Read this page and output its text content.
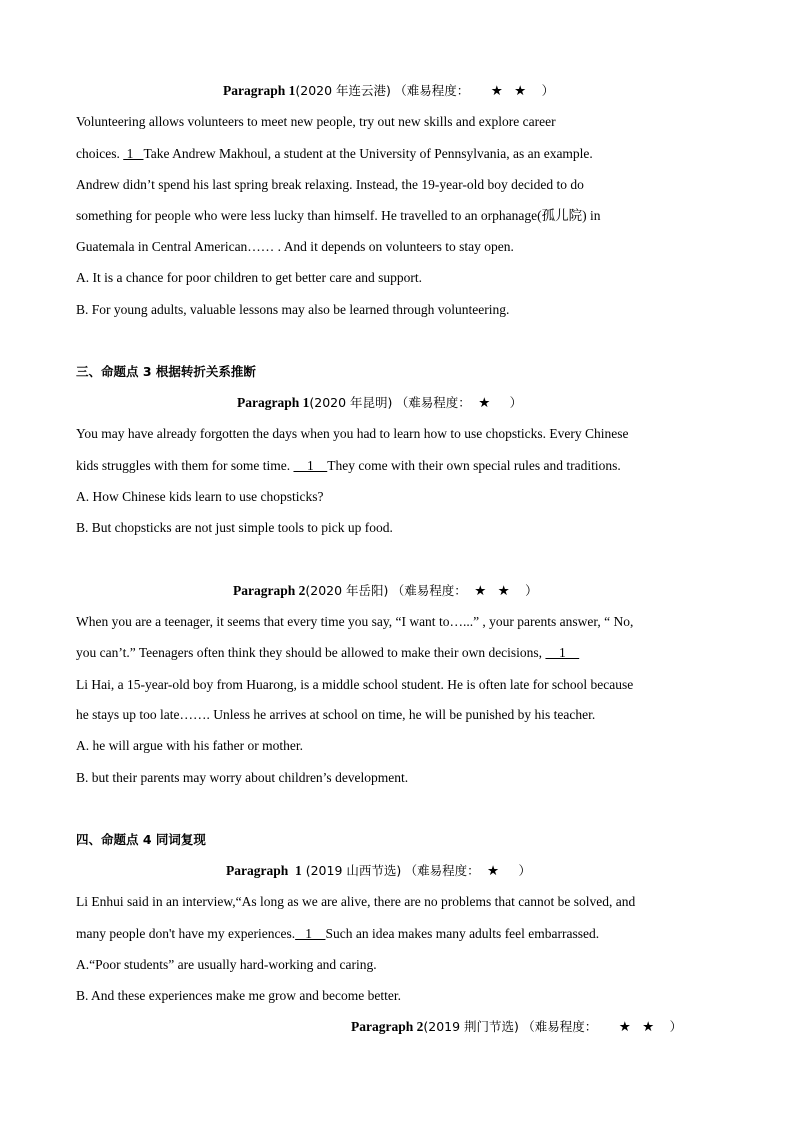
Paragraph 1(2020 年连云港) （难易程度： ★ ★ ）
Volunteering allows volunteers to meet new people, try out new skills and explore career
choices.  1   Take Andrew Makhoul, a student at the University of Pennsylvania, as an example.
Andrew didn’t spend his last spring break relaxing. Instead, the 19-year-old boy decided to do
something for people who were less lucky than himself. He travelled to an orphanage(孤儿院) in
Guatemala in Central American…… . And it depends on volunteers to stay open.
A. It is a chance for poor children to get better care and support.
B. For young adults, valuable lessons may also be learned through volunteering.
三、命题点 3 根据转折关系推断
Paragraph 1(2020 年昆明) （难易程度： ★ ）
You may have already forgotten the days when you had to learn how to use chopsticks. Every Chinese
kids struggles with them for some time.     1    They come with their own special rules and traditions.
A. How Chinese kids learn to use chopsticks?
B. But chopsticks are not just simple tools to pick up food.
Paragraph 2(2020 年岳阳) （难易程度： ★ ★ ）
When you are a teenager, it seems that every time you say, “I want to…...” , your parents answer, “ No,
you can’t.” Teenagers often think they should be allowed to make their own decisions,     1
Li Hai, a 15-year-old boy from Huarong, is a middle school student. He is often late for school because
he stays up too late……. Unless he arrives at school on time, he will be punished by his teacher.
A. he will argue with his father or mother.
B. but their parents may worry about children’s development.
四、命题点 4 同词复现
Paragraph  1 (2019 山西节选) （难易程度： ★ ）
Li Enhui said in an interview,“As long as we are alive, there are no problems that cannot be solved, and
many people don't have my experiences.   1    Such an idea makes many adults feel embarrassed.
A.“Poor students” are usually hard-working and caring.
B. And these experiences make me grow and become better.
Paragraph 2(2019 荆门节选) （难易程度： ★ ★ ）
